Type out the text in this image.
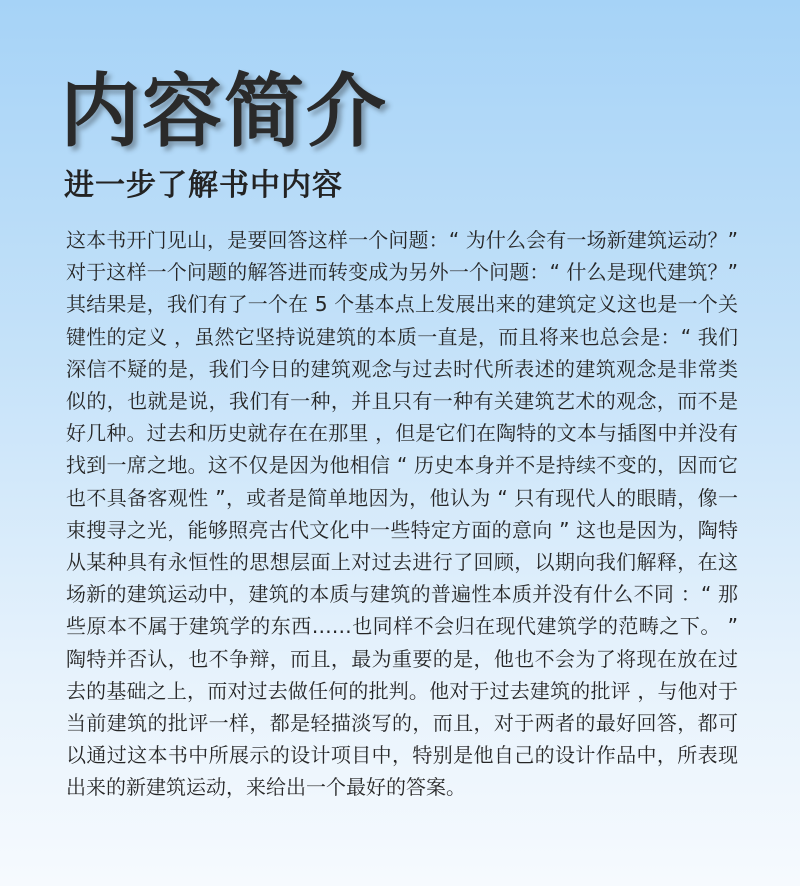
内容简介
进一步了解书中内容

这本书开门见山，是要回答这样一个问题：“ 为什么会有一场新建筑运动？” 对于这样一个问题的解答进而转变成为另外一个问题：“ 什么是现代建筑？” 其结果是，我们有了一个在 5 个基本点上发展出来的建筑定义这也是一个关键性的定义 ，虽然它坚持说建筑的本质一直是，而且将来也总会是：“ 我们深信不疑的是，我们今日的建筑观念与过去时代所表述的建筑观念是非常类似的，也就是说，我们有一种，并且只有一种有关建筑艺术的观念，而不是好几种。过去和历史就存在在那里 ，但是它们在陶特的文本与插图中并没有找到一席之地。这不仅是因为他相信 “ 历史本身并不是持续不变的，因而它也不具备客观性 ”，或者是简单地因为，他认为 “ 只有现代人的眼睛，像一束搜寻之光，能够照亮古代文化中一些特定方面的意向 ” 这也是因为，陶特从某种具有永恒性的思想层面上对过去进行了回顾，以期向我们解释，在这场新的建筑运动中，建筑的本质与建筑的普遍性本质并没有什么不同 ：“ 那些原本不属于建筑学的东西……也同样不会归在现代建筑学的范畴之下。 ” 陶特并否认，也不争辩，而且，最为重要的是，他也不会为了将现在放在过去的基础之上，而对过去做任何的批判。他对于过去建筑的批评 ，与他对于当前建筑的批评一样，都是轻描淡写的，而且，对于两者的最好回答，都可以通过这本书中所展示的设计项目中，特别是他自己的设计作品中，所表现出来的新建筑运动，来给出一个最好的答案。
